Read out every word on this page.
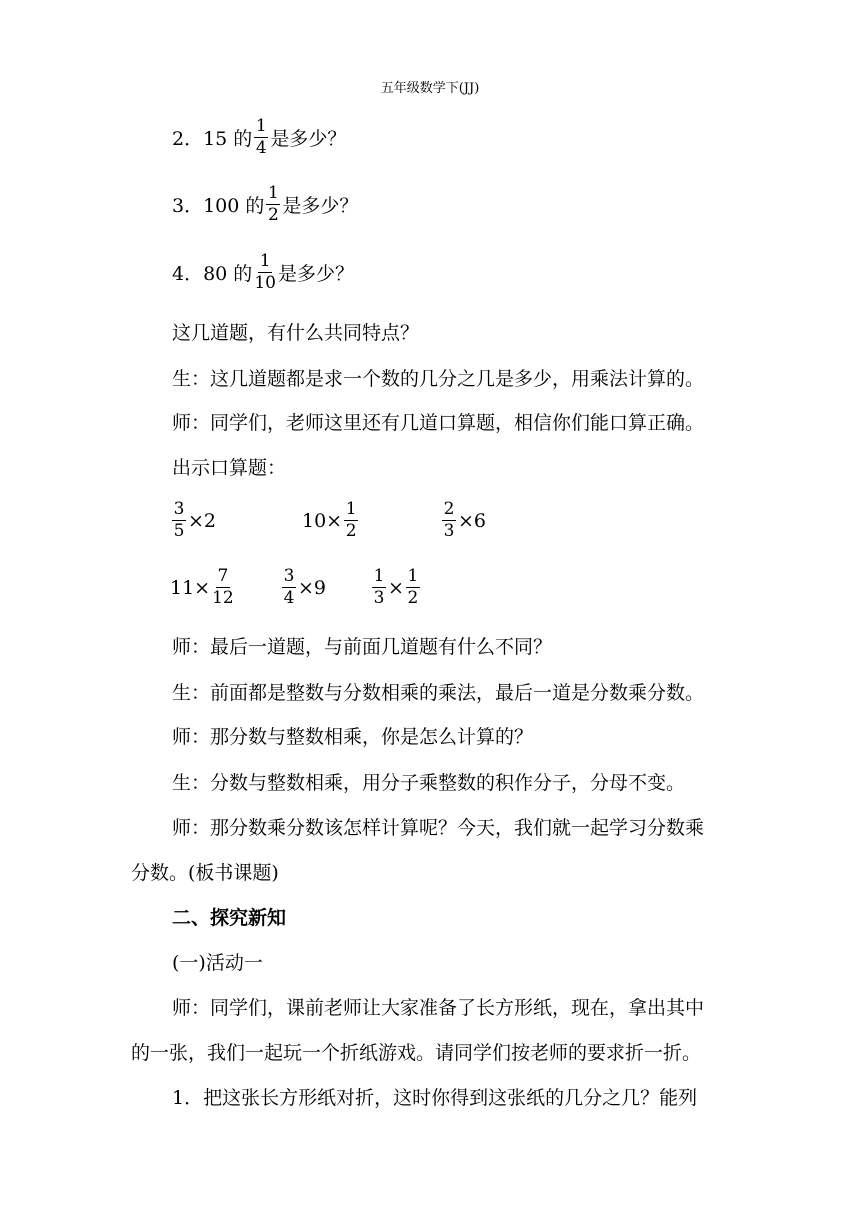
五年级数学下(JJ)
2．15 的 $\frac{1}{4}$ 是多少？
3．100 的 $\frac{1}{2}$ 是多少？
4．80 的 $\frac{1}{10}$ 是多少？
这几道题，有什么共同特点？
生：这几道题都是求一个数的几分之几是多少，用乘法计算的。
师：同学们，老师这里还有几道口算题，相信你们能口算正确。
出示口算题：
$\frac{3}{5} \times 2$	$10\times \frac{1}{2}$	$\frac{2}{3} \times 6$
$11\times \frac{7}{12}$	$\frac{3}{4} \times 9$	$\frac{1}{3} \times \frac{1}{2}$
师：最后一道题，与前面几道题有什么不同？
生：前面都是整数与分数相乘的乘法，最后一道是分数乘分数。
师：那分数与整数相乘，你是怎么计算的？
生：分数与整数相乘，用分子乘整数的积作分子，分母不变。
师：那分数乘分数该怎样计算呢？今天，我们就一起学习分数乘
分数。(板书课题)
二、探究新知
(一)活动一
师：同学们，课前老师让大家准备了长方形纸，现在，拿出其中
的一张，我们一起玩一个折纸游戏。请同学们按老师的要求折一折。
1．把这张长方形纸对折，这时你得到这张纸的几分之几？能列
